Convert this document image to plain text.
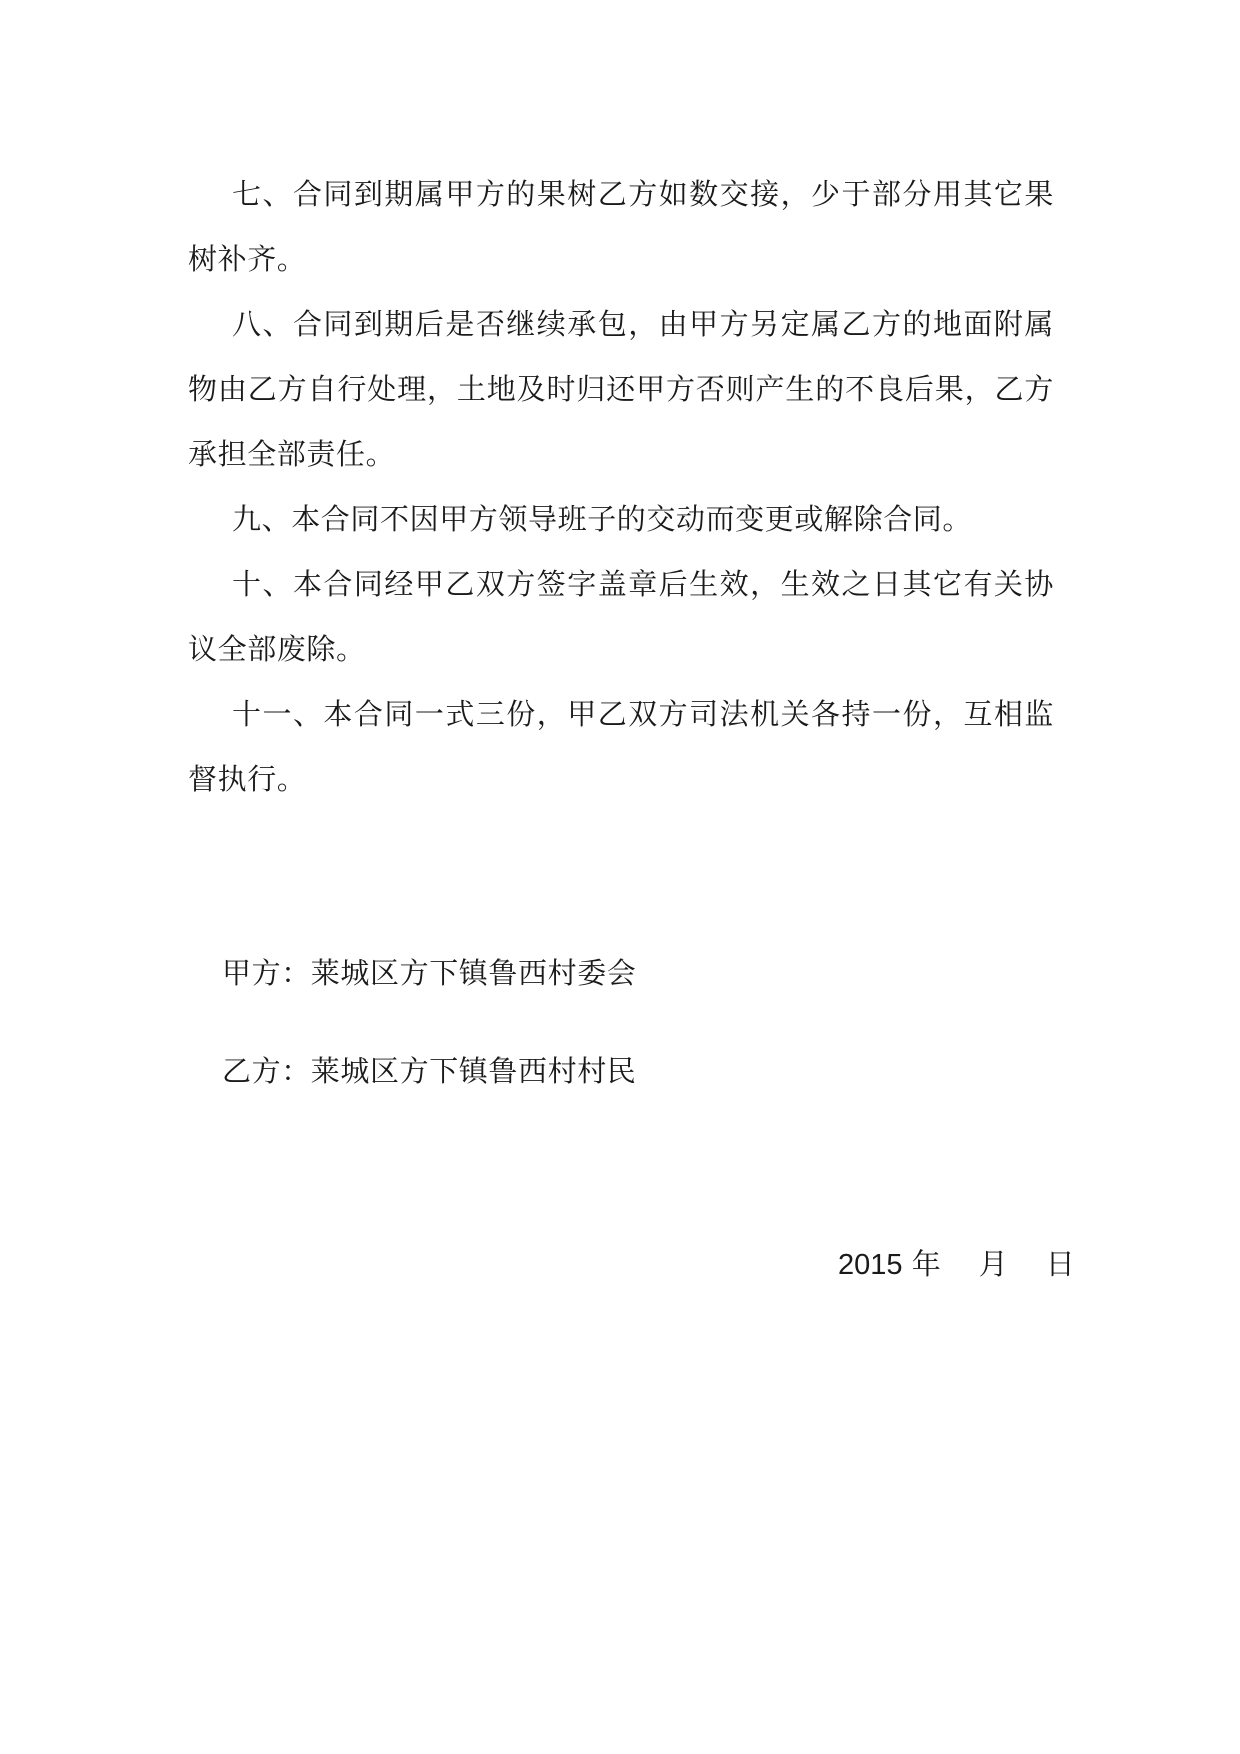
七、合同到期属甲方的果树乙方如数交接，少于部分用其它果树补齐。

八、合同到期后是否继续承包，由甲方另定属乙方的地面附属物由乙方自行处理，土地及时归还甲方否则产生的不良后果，乙方承担全部责任。

九、本合同不因甲方领导班子的交动而变更或解除合同。

十、本合同经甲乙双方签字盖章后生效，生效之日其它有关协议全部废除。

十一、本合同一式三份，甲乙双方司法机关各持一份，互相监督执行。

甲方：莱城区方下镇鲁西村委会
乙方：莱城区方下镇鲁西村村民
2015 年 月 日
